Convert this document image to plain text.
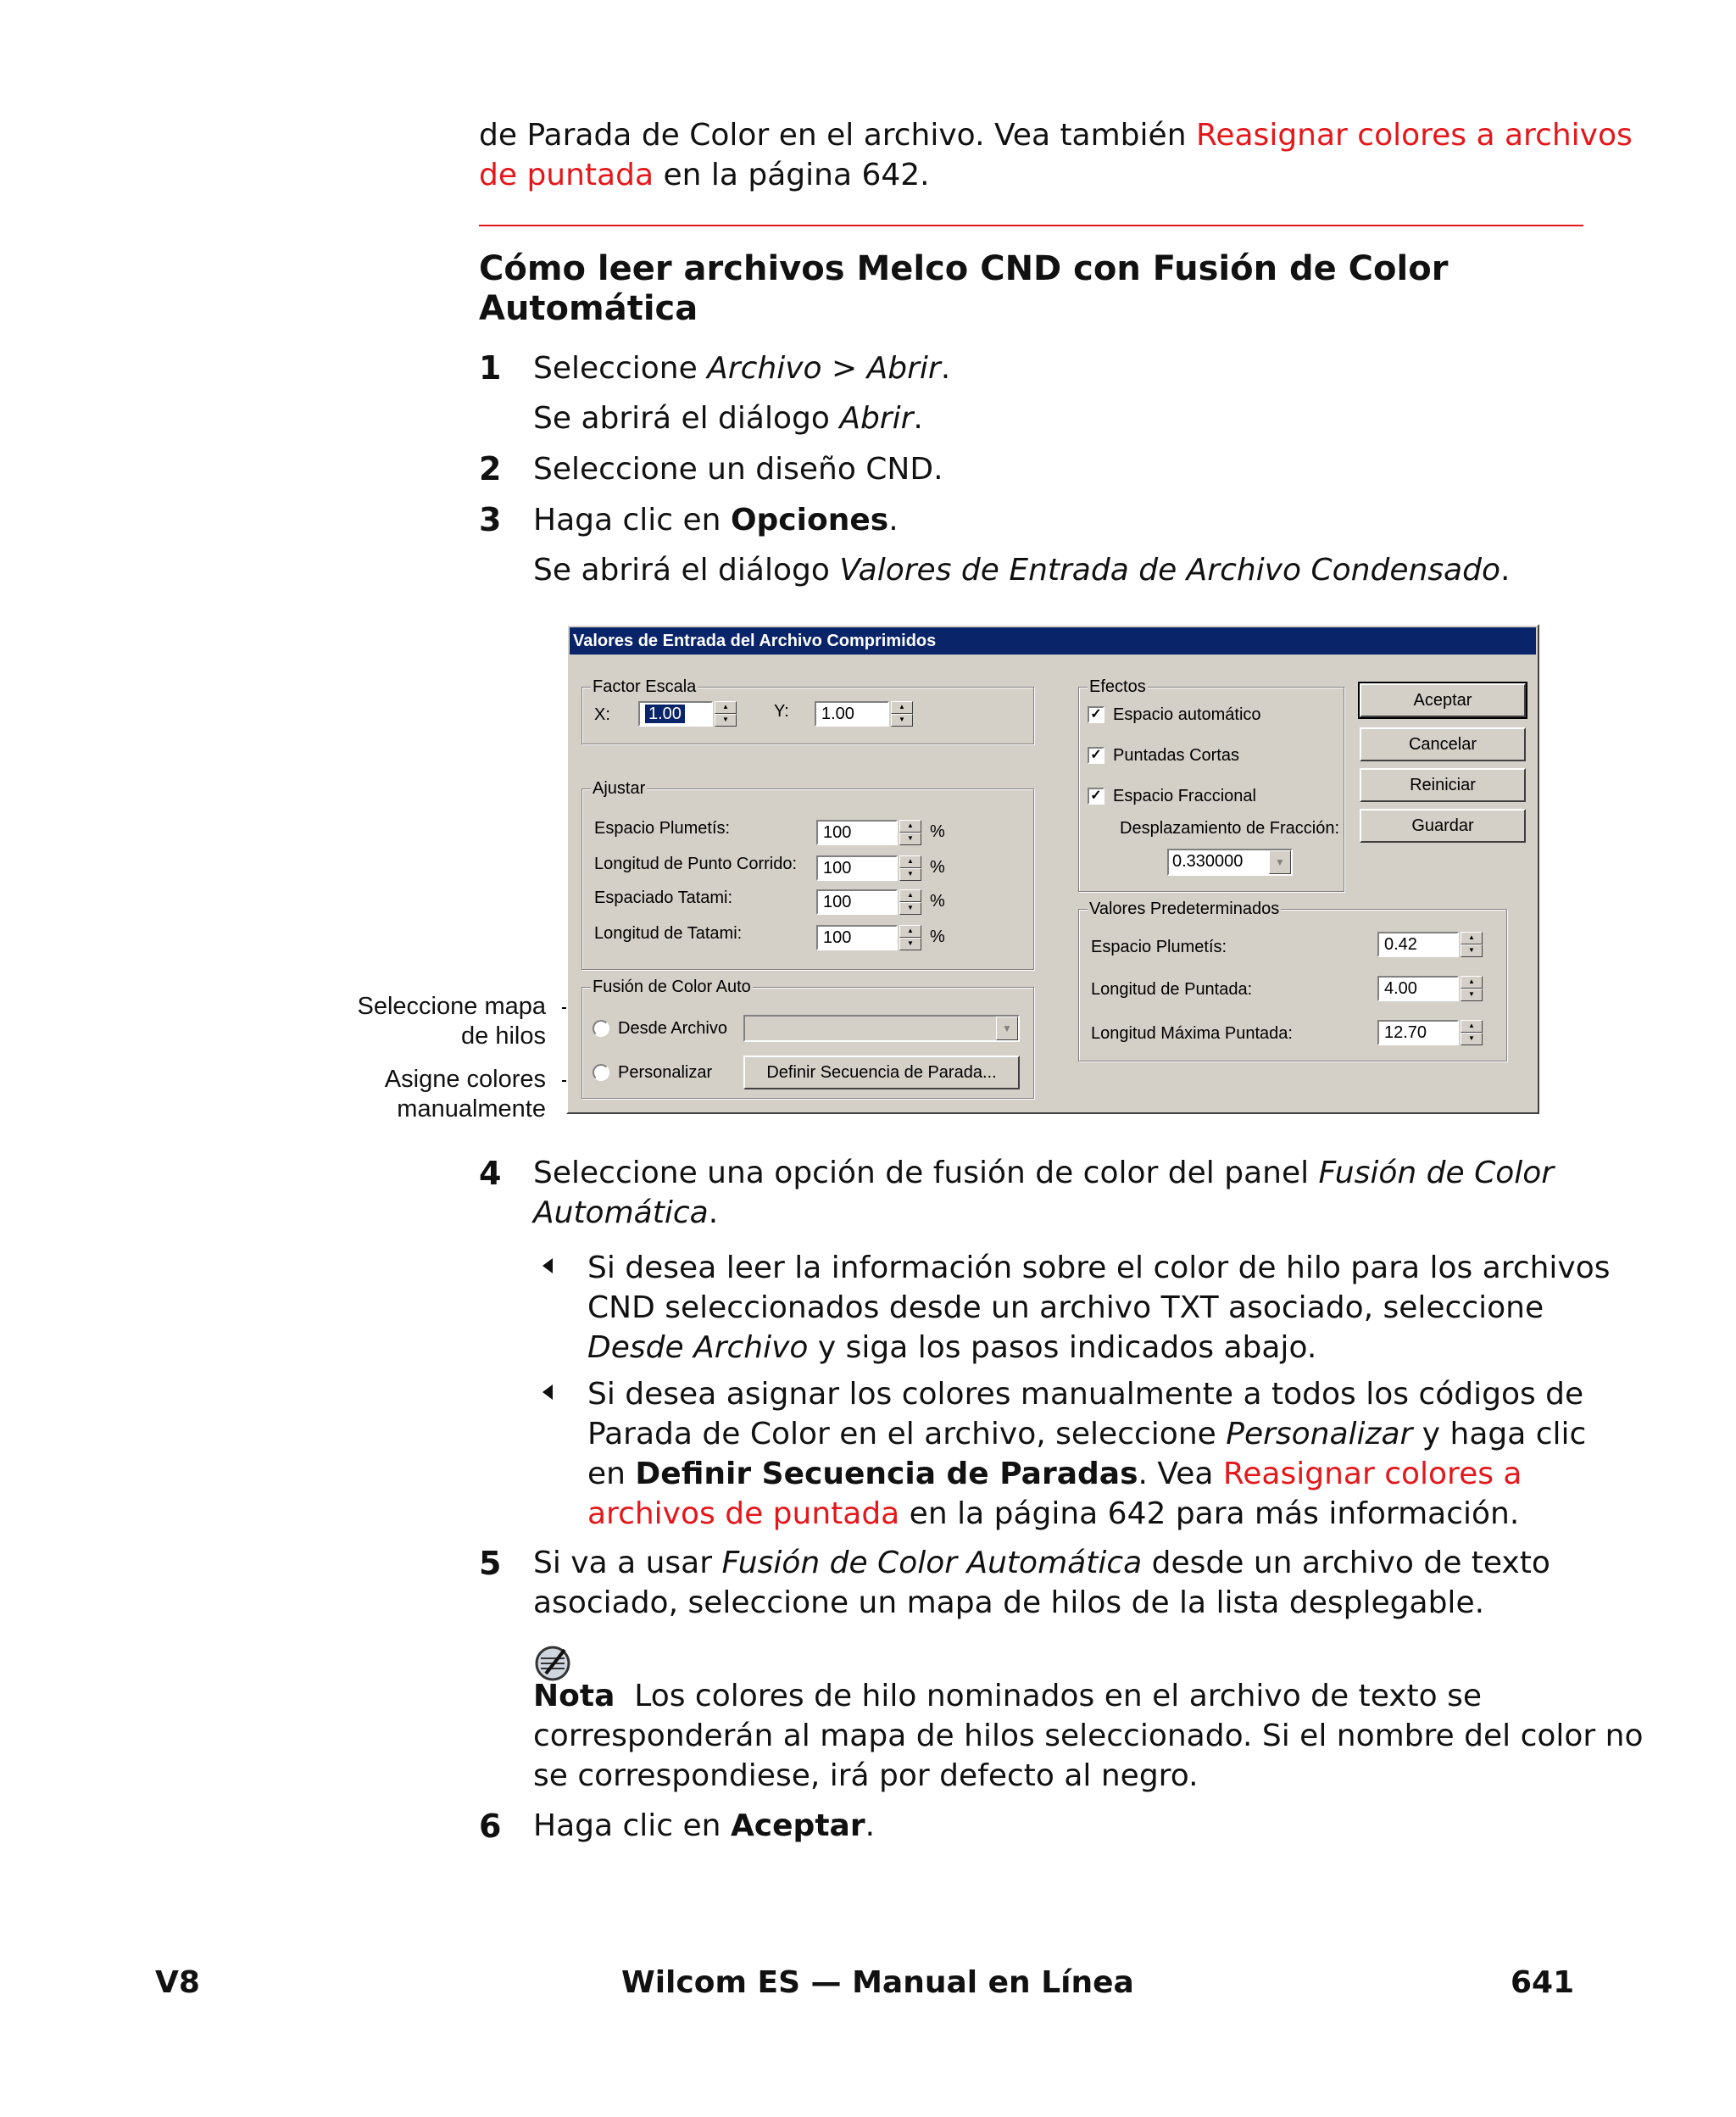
de Parada de Color en el archivo. Vea también Reasignar colores a archivos
de puntada en la página 642.
Cómo leer archivos Melco CND con Fusión de Color
Automática
1 Seleccione Archivo > Abrir.
Se abrirá el diálogo Abrir.
2 Seleccione un diseño CND.
3 Haga clic en Opciones.
Se abrirá el diálogo Valores de Entrada de Archivo Condensado.
Seleccione mapa
de hilos
Asigne colores
manualmente
Valores de Entrada del Archivo Comprimidos
Factor Escala
X:	1.00	▲
▼	Y:	1.00	▲
▼
Ajustar
Espacio Plumetís:	100	▲
▼ %
Longitud de Punto Corrido:	100	▲
▼ %
Espaciado Tatami:	100	▲
▼ %
Longitud de Tatami:	100	▲
▼ %
Fusión de Color Auto
Desde Archivo	▼
Personalizar	Definir Secuencia de Parada...
Efectos
✓ Espacio automático
✓ Puntadas Cortas
✓ Espacio Fraccional
Desplazamiento de Fracción:
0.330000	▼
Valores Predeterminados
Espacio Plumetís:	0.42	▲
▼
Longitud de Puntada:	4.00	▲
▼
Longitud Máxima Puntada:	12.70	▲
▼
Aceptar
Cancelar
Reiniciar
Guardar
4 Seleccione una opción de fusión de color del panel Fusión de Color
Automática.
Si desea leer la información sobre el color de hilo para los archivos
CND seleccionados desde un archivo TXT asociado, seleccione
Desde Archivo y siga los pasos indicados abajo.
Si desea asignar los colores manualmente a todos los códigos de
Parada de Color en el archivo, seleccione Personalizar y haga clic
en Definir Secuencia de Paradas. Vea Reasignar colores a
archivos de puntada en la página 642 para más información.
5 Si va a usar Fusión de Color Automática desde un archivo de texto
asociado, seleccione un mapa de hilos de la lista desplegable.
Nota Los colores de hilo nominados en el archivo de texto se
corresponderán al mapa de hilos seleccionado. Si el nombre del color no
se correspondiese, irá por defecto al negro.
6 Haga clic en Aceptar.
V8	Wilcom ES — Manual en Línea	641
